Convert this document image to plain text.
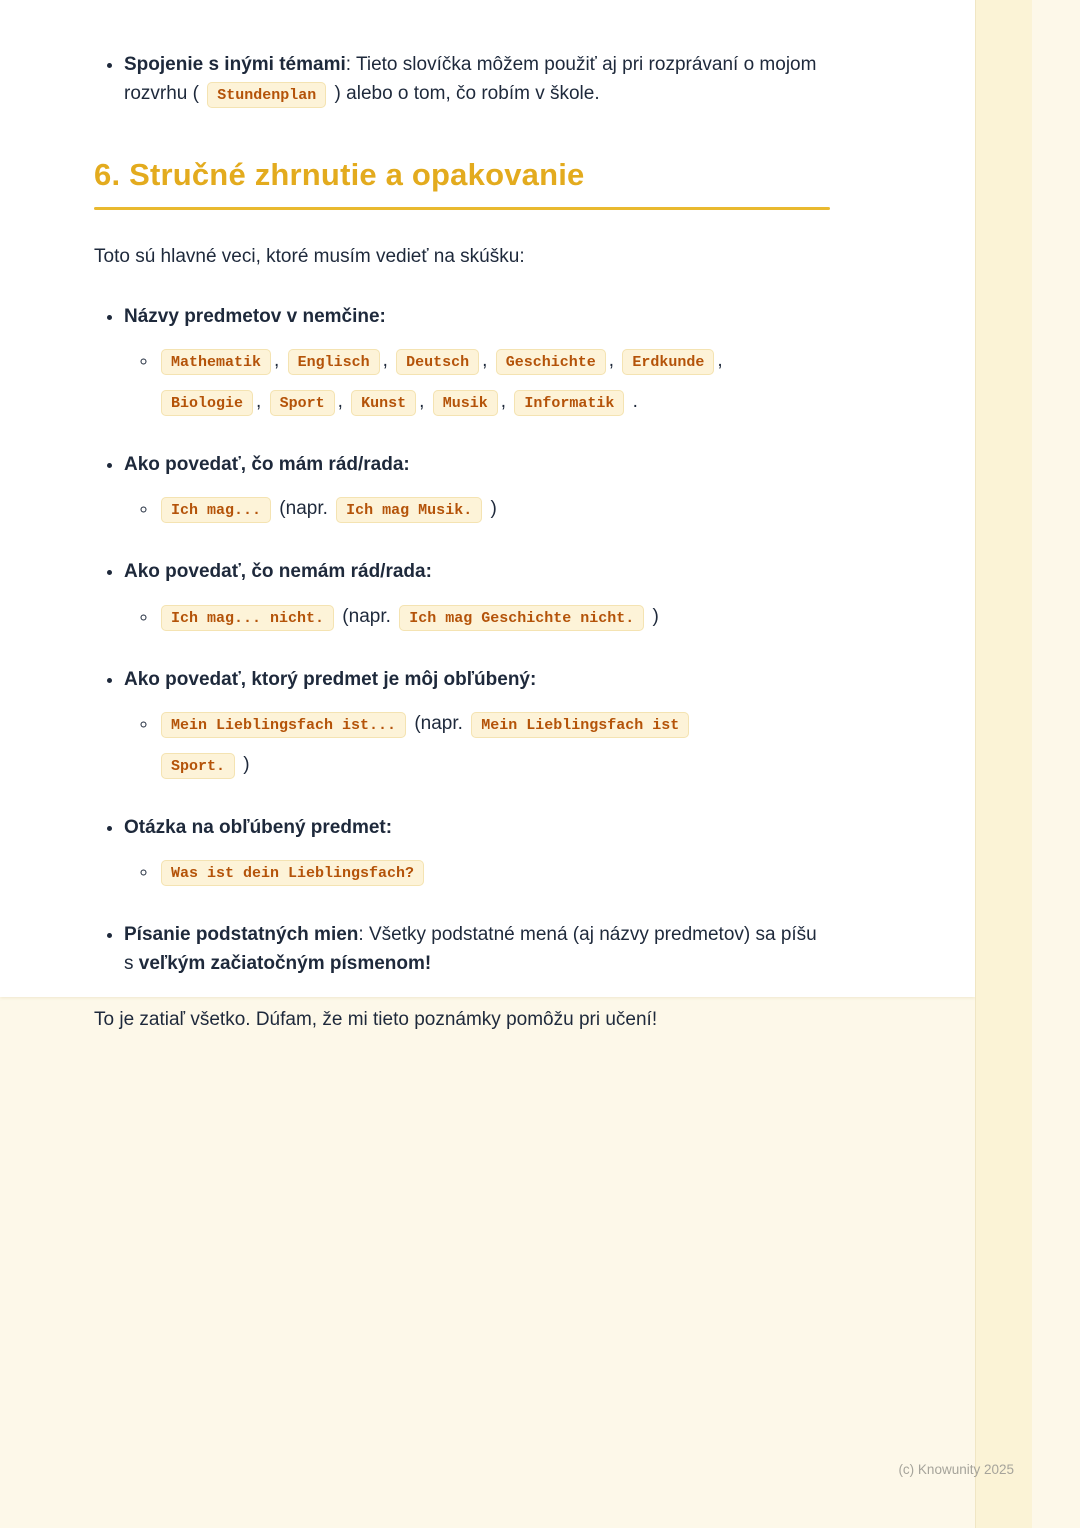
• Spojenie s inými témami: Tieto slovíčka môžem použiť aj pri rozprávaní o mojom rozvrhu ( Stundenplan ) alebo o tom, čo robím v škole.
6. Stručné zhrnutie a opakovanie

Toto sú hlavné veci, ktoré musím vedieť na skúšku:

• Názvy predmetov v nemčine:
◦ Mathematik , Englisch , Deutsch , Geschichte , Erdkunde ,
Biologie , Sport , Kunst , Musik , Informatik .
• Ako povedať, čo mám rád/rada:
◦ Ich mag... (napr. Ich mag Musik. )
• Ako povedať, čo nemám rád/rada:
◦ Ich mag... nicht. (napr. Ich mag Geschichte nicht. )
• Ako povedať, ktorý predmet je môj obľúbený:
◦ Mein Lieblingsfach ist... (napr. Mein Lieblingsfach ist
Sport. )
• Otázka na obľúbený predmet:
◦ Was ist dein Lieblingsfach?
• Písanie podstatných mien: Všetky podstatné mená (aj názvy predmetov) sa píšu s veľkým začiatočným písmenom!

To je zatiaľ všetko. Dúfam, že mi tieto poznámky pomôžu pri učení!

(c) Knowunity 2025
